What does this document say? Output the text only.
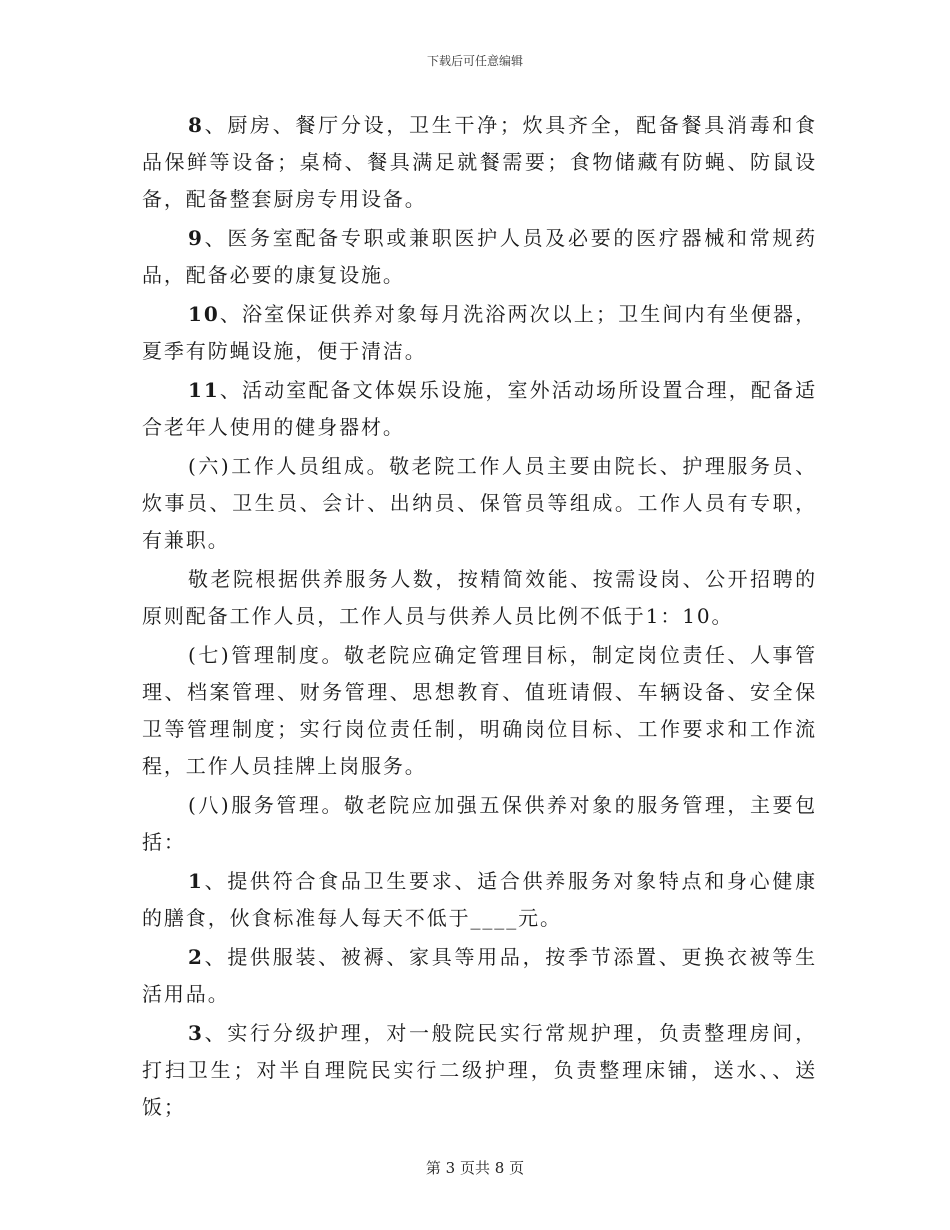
下载后可任意编辑

8、厨房、餐厅分设，卫生干净；炊具齐全，配备餐具消毒和食品保鲜等设备；桌椅、餐具满足就餐需要；食物储藏有防蝇、防鼠设备，配备整套厨房专用设备。

9、医务室配备专职或兼职医护人员及必要的医疗器械和常规药品，配备必要的康复设施。

10、浴室保证供养对象每月洗浴两次以上；卫生间内有坐便器，夏季有防蝇设施，便于清洁。

11、活动室配备文体娱乐设施，室外活动场所设置合理，配备适合老年人使用的健身器材。

(六)工作人员组成。敬老院工作人员主要由院长、护理服务员、炊事员、卫生员、会计、出纳员、保管员等组成。工作人员有专职，有兼职。

敬老院根据供养服务人数，按精简效能、按需设岗、公开招聘的原则配备工作人员，工作人员与供养人员比例不低于1：10。

(七)管理制度。敬老院应确定管理目标，制定岗位责任、人事管理、档案管理、财务管理、思想教育、值班请假、车辆设备、安全保卫等管理制度；实行岗位责任制，明确岗位目标、工作要求和工作流程，工作人员挂牌上岗服务。

(八)服务管理。敬老院应加强五保供养对象的服务管理，主要包括：

1、提供符合食品卫生要求、适合供养服务对象特点和身心健康的膳食，伙食标准每人每天不低于____元。

2、提供服装、被褥、家具等用品，按季节添置、更换衣被等生活用品。

3、实行分级护理，对一般院民实行常规护理，负责整理房间，打扫卫生；对半自理院民实行二级护理，负责整理床铺，送水、、送饭；

第 3 页共 8 页
